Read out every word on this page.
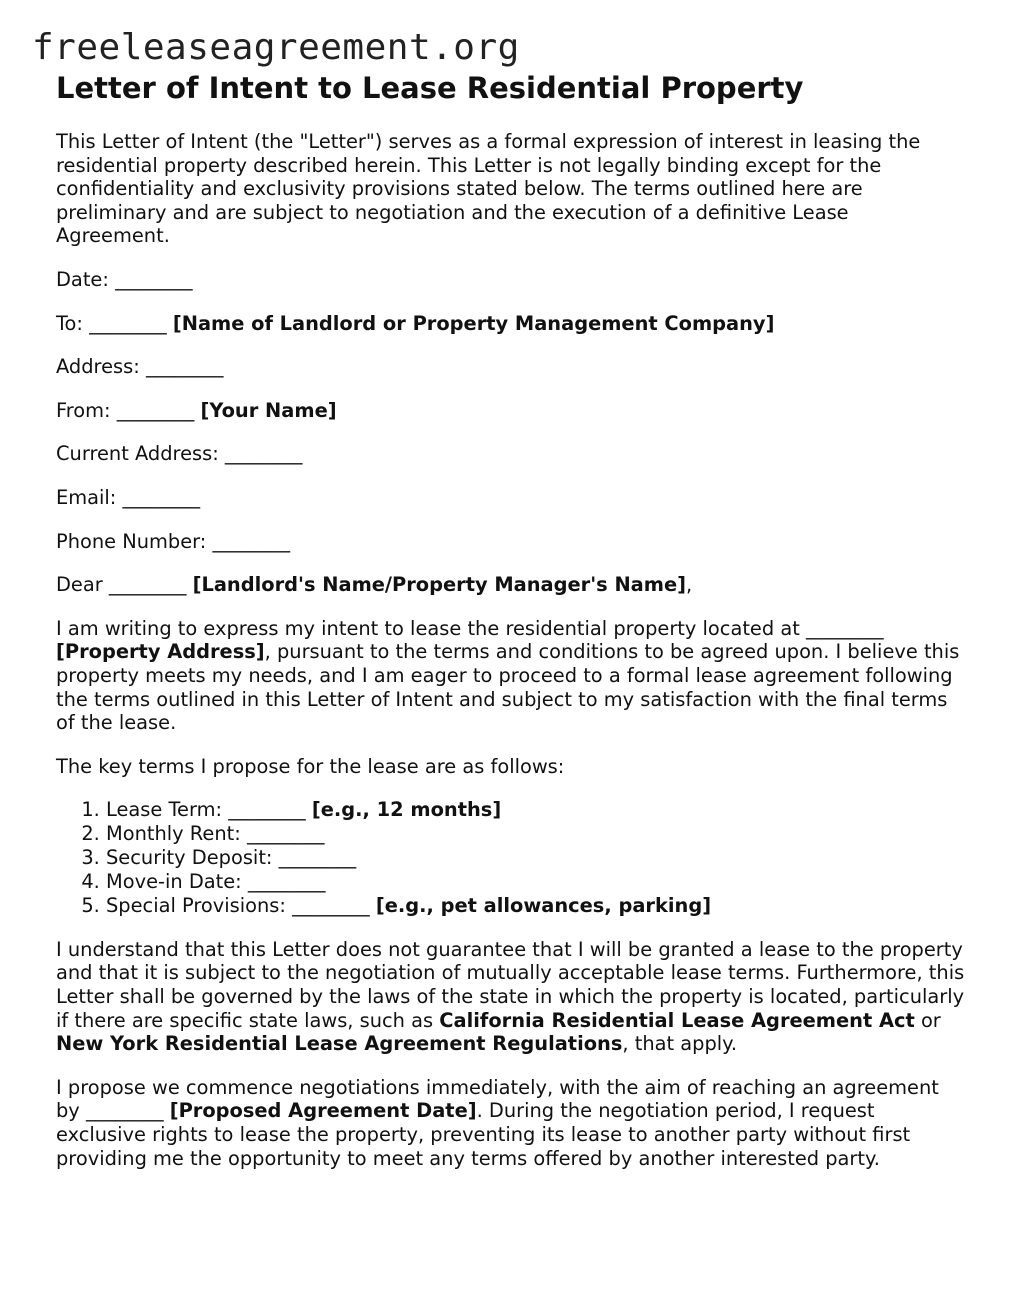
freeleaseagreement.org
Letter of Intent to Lease Residential Property

This Letter of Intent (the "Letter") serves as a formal expression of interest in leasing the residential property described herein. This Letter is not legally binding except for the confidentiality and exclusivity provisions stated below. The terms outlined here are preliminary and are subject to negotiation and the execution of a definitive Lease Agreement.

Date: ________

To: ________ [Name of Landlord or Property Management Company]

Address: ________

From: ________ [Your Name]

Current Address: ________

Email: ________

Phone Number: ________

Dear ________ [Landlord's Name/Property Manager's Name],

I am writing to express my intent to lease the residential property located at ________ [Property Address], pursuant to the terms and conditions to be agreed upon. I believe this property meets my needs, and I am eager to proceed to a formal lease agreement following the terms outlined in this Letter of Intent and subject to my satisfaction with the final terms of the lease.

The key terms I propose for the lease are as follows:

1. Lease Term: ________ [e.g., 12 months]
2. Monthly Rent: ________
3. Security Deposit: ________
4. Move-in Date: ________
5. Special Provisions: ________ [e.g., pet allowances, parking]

I understand that this Letter does not guarantee that I will be granted a lease to the property and that it is subject to the negotiation of mutually acceptable lease terms. Furthermore, this Letter shall be governed by the laws of the state in which the property is located, particularly if there are specific state laws, such as California Residential Lease Agreement Act or New York Residential Lease Agreement Regulations, that apply.

I propose we commence negotiations immediately, with the aim of reaching an agreement by ________ [Proposed Agreement Date]. During the negotiation period, I request exclusive rights to lease the property, preventing its lease to another party without first providing me the opportunity to meet any terms offered by another interested party.
